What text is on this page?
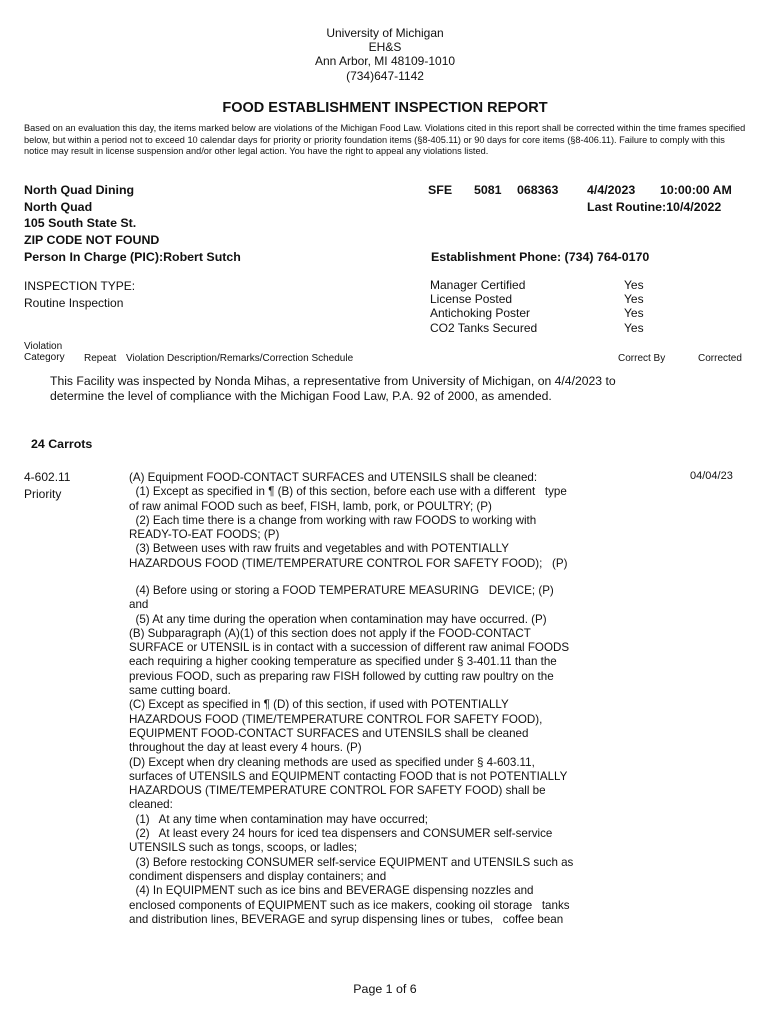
University of Michigan
EH&S
Ann Arbor, MI 48109-1010
(734)647-1142
FOOD ESTABLISHMENT INSPECTION REPORT
Based on an evaluation this day, the items marked below are violations of the Michigan Food Law. Violations cited in this report shall be corrected within the time frames specified below, but within a period not to exceed 10 calendar days for priority or priority foundation items (§8-405.11) or 90 days for core items (§8-406.11). Failure to comply with this notice may result in license suspension and/or other legal action. You have the right to appeal any violations listed.
North Quad Dining
North Quad
105 South State St.
ZIP CODE NOT FOUND
Person In Charge (PIC):Robert Sutch
SFE 5081 068363 4/4/2023 10:00:00 AM
Last Routine:10/4/2022
Establishment Phone: (734) 764-0170
INSPECTION TYPE:
Routine Inspection
Manager Certified	Yes
License Posted	Yes
Antichoking Poster	Yes
CO2 Tanks Secured	Yes
Violation
Category Repeat Violation Description/Remarks/Correction Schedule	Correct By	Corrected
This Facility was inspected by Nonda Mihas, a representative from University of Michigan, on 4/4/2023 to
determine the level of compliance with the Michigan Food Law, P.A. 92 of 2000, as amended.
24 Carrots
4-602.11
Priority
04/04/23
(A) Equipment FOOD-CONTACT SURFACES and UTENSILS shall be cleaned:
(1) Except as specified in ¶ (B) of this section, before each use with a different   type
of raw animal FOOD such as beef, FISH, lamb, pork, or POULTRY; (P)
(2) Each time there is a change from working with raw FOODS to working with
READY-TO-EAT FOODS; (P)
(3) Between uses with raw fruits and vegetables and with POTENTIALLY
HAZARDOUS FOOD (TIME/TEMPERATURE CONTROL FOR SAFETY FOOD);   (P)
(4) Before using or storing a FOOD TEMPERATURE MEASURING   DEVICE; (P)
and
(5) At any time during the operation when contamination may have occurred. (P)
(B) Subparagraph (A)(1) of this section does not apply if the FOOD-CONTACT
SURFACE or UTENSIL is in contact with a succession of different raw animal FOODS
each requiring a higher cooking temperature as specified under § 3-401.11 than the
previous FOOD, such as preparing raw FISH followed by cutting raw poultry on the
same cutting board.
(C) Except as specified in ¶ (D) of this section, if used with POTENTIALLY
HAZARDOUS FOOD (TIME/TEMPERATURE CONTROL FOR SAFETY FOOD),
EQUIPMENT FOOD-CONTACT SURFACES and UTENSILS shall be cleaned
throughout the day at least every 4 hours. (P)
(D) Except when dry cleaning methods are used as specified under § 4-603.11,
surfaces of UTENSILS and EQUIPMENT contacting FOOD that is not POTENTIALLY
HAZARDOUS (TIME/TEMPERATURE CONTROL FOR SAFETY FOOD) shall be
cleaned:
(1)   At any time when contamination may have occurred;
(2)   At least every 24 hours for iced tea dispensers and CONSUMER self-service
UTENSILS such as tongs, scoops, or ladles;
(3) Before restocking CONSUMER self-service EQUIPMENT and UTENSILS such as
condiment dispensers and display containers; and
(4) In EQUIPMENT such as ice bins and BEVERAGE dispensing nozzles and
enclosed components of EQUIPMENT such as ice makers, cooking oil storage   tanks
and distribution lines, BEVERAGE and syrup dispensing lines or tubes,   coffee bean
Page 1 of 6
